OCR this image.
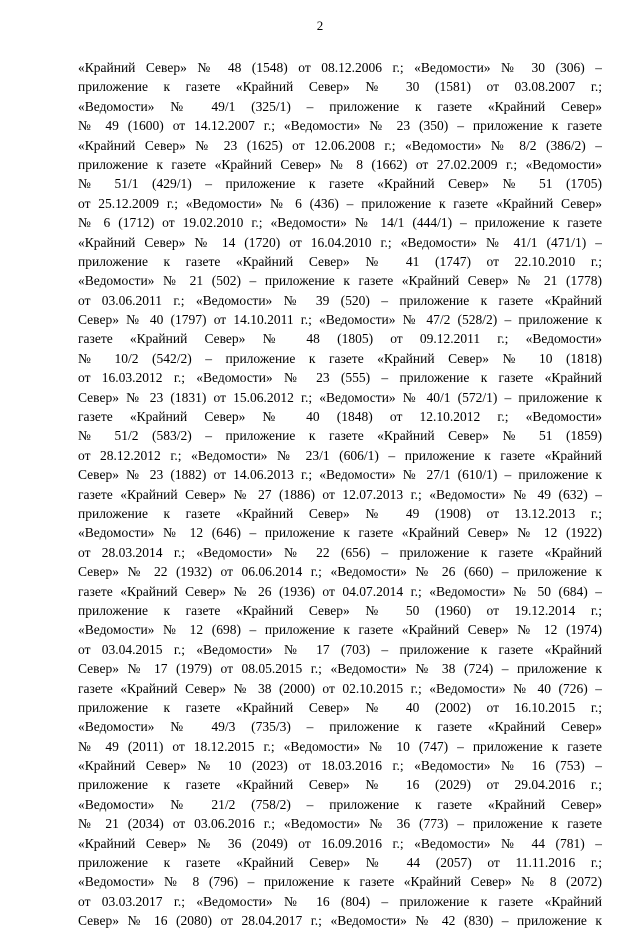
2
«Крайний Север» № 48 (1548) от 08.12.2006 г.; «Ведомости» № 30 (306) –
приложение к газете «Крайний Север» № 30 (1581) от 03.08.2007 г.;
«Ведомости» № 49/1 (325/1) – приложение к газете «Крайний Север»
№ 49 (1600) от 14.12.2007 г.; «Ведомости» № 23 (350) – приложение к газете
«Крайний Север» № 23 (1625) от 12.06.2008 г.; «Ведомости» № 8/2 (386/2) –
приложение к газете «Крайний Север» № 8 (1662) от 27.02.2009 г.; «Ведомости»
№ 51/1 (429/1) – приложение к газете «Крайний Север» № 51 (1705)
от 25.12.2009 г.; «Ведомости» № 6 (436) – приложение к газете «Крайний Север»
№ 6 (1712) от 19.02.2010 г.; «Ведомости» № 14/1 (444/1) – приложение к газете
«Крайний Север» № 14 (1720) от 16.04.2010 г.; «Ведомости» № 41/1 (471/1) –
приложение к газете «Крайний Север» № 41 (1747) от 22.10.2010 г.;
«Ведомости» № 21 (502) – приложение к газете «Крайний Север» № 21 (1778)
от 03.06.2011 г.; «Ведомости» № 39 (520) – приложение к газете «Крайний
Север» № 40 (1797) от 14.10.2011 г.; «Ведомости» № 47/2 (528/2) – приложение к
газете «Крайний Север» № 48 (1805) от 09.12.2011 г.; «Ведомости»
№ 10/2 (542/2) – приложение к газете «Крайний Север» № 10 (1818)
от 16.03.2012 г.; «Ведомости» № 23 (555) – приложение к газете «Крайний
Север» № 23 (1831) от 15.06.2012 г.; «Ведомости» № 40/1 (572/1) – приложение к
газете «Крайний Север» № 40 (1848) от 12.10.2012 г.; «Ведомости»
№ 51/2 (583/2) – приложение к газете «Крайний Север» № 51 (1859)
от 28.12.2012 г.; «Ведомости» № 23/1 (606/1) – приложение к газете «Крайний
Север» № 23 (1882) от 14.06.2013 г.; «Ведомости» № 27/1 (610/1) – приложение к
газете «Крайний Север» № 27 (1886) от 12.07.2013 г.; «Ведомости» № 49 (632) –
приложение к газете «Крайний Север» № 49 (1908) от 13.12.2013 г.;
«Ведомости» № 12 (646) – приложение к газете «Крайний Север» № 12 (1922)
от 28.03.2014 г.; «Ведомости» № 22 (656) – приложение к газете «Крайний
Север» № 22 (1932) от 06.06.2014 г.; «Ведомости» № 26 (660) – приложение к
газете «Крайний Север» № 26 (1936) от 04.07.2014 г.; «Ведомости» № 50 (684) –
приложение к газете «Крайний Север» № 50 (1960) от 19.12.2014 г.;
«Ведомости» № 12 (698) – приложение к газете «Крайний Север» № 12 (1974)
от 03.04.2015 г.; «Ведомости» № 17 (703) – приложение к газете «Крайний
Север» № 17 (1979) от 08.05.2015 г.; «Ведомости» № 38 (724) – приложение к
газете «Крайний Север» № 38 (2000) от 02.10.2015 г.; «Ведомости» № 40 (726) –
приложение к газете «Крайний Север» № 40 (2002) от 16.10.2015 г.;
«Ведомости» № 49/3 (735/3) – приложение к газете «Крайний Север»
№ 49 (2011) от 18.12.2015 г.; «Ведомости» № 10 (747) – приложение к газете
«Крайний Север» № 10 (2023) от 18.03.2016 г.; «Ведомости» № 16 (753) –
приложение к газете «Крайний Север» № 16 (2029) от 29.04.2016 г.;
«Ведомости» № 21/2 (758/2) – приложение к газете «Крайний Север»
№ 21 (2034) от 03.06.2016 г.; «Ведомости» № 36 (773) – приложение к газете
«Крайний Север» № 36 (2049) от 16.09.2016 г.; «Ведомости» № 44 (781) –
приложение к газете «Крайний Север» № 44 (2057) от 11.11.2016 г.;
«Ведомости» № 8 (796) – приложение к газете «Крайний Север» № 8 (2072)
от 03.03.2017 г.; «Ведомости» № 16 (804) – приложение к газете «Крайний
Север» № 16 (2080) от 28.04.2017 г.; «Ведомости» № 42 (830) – приложение к
